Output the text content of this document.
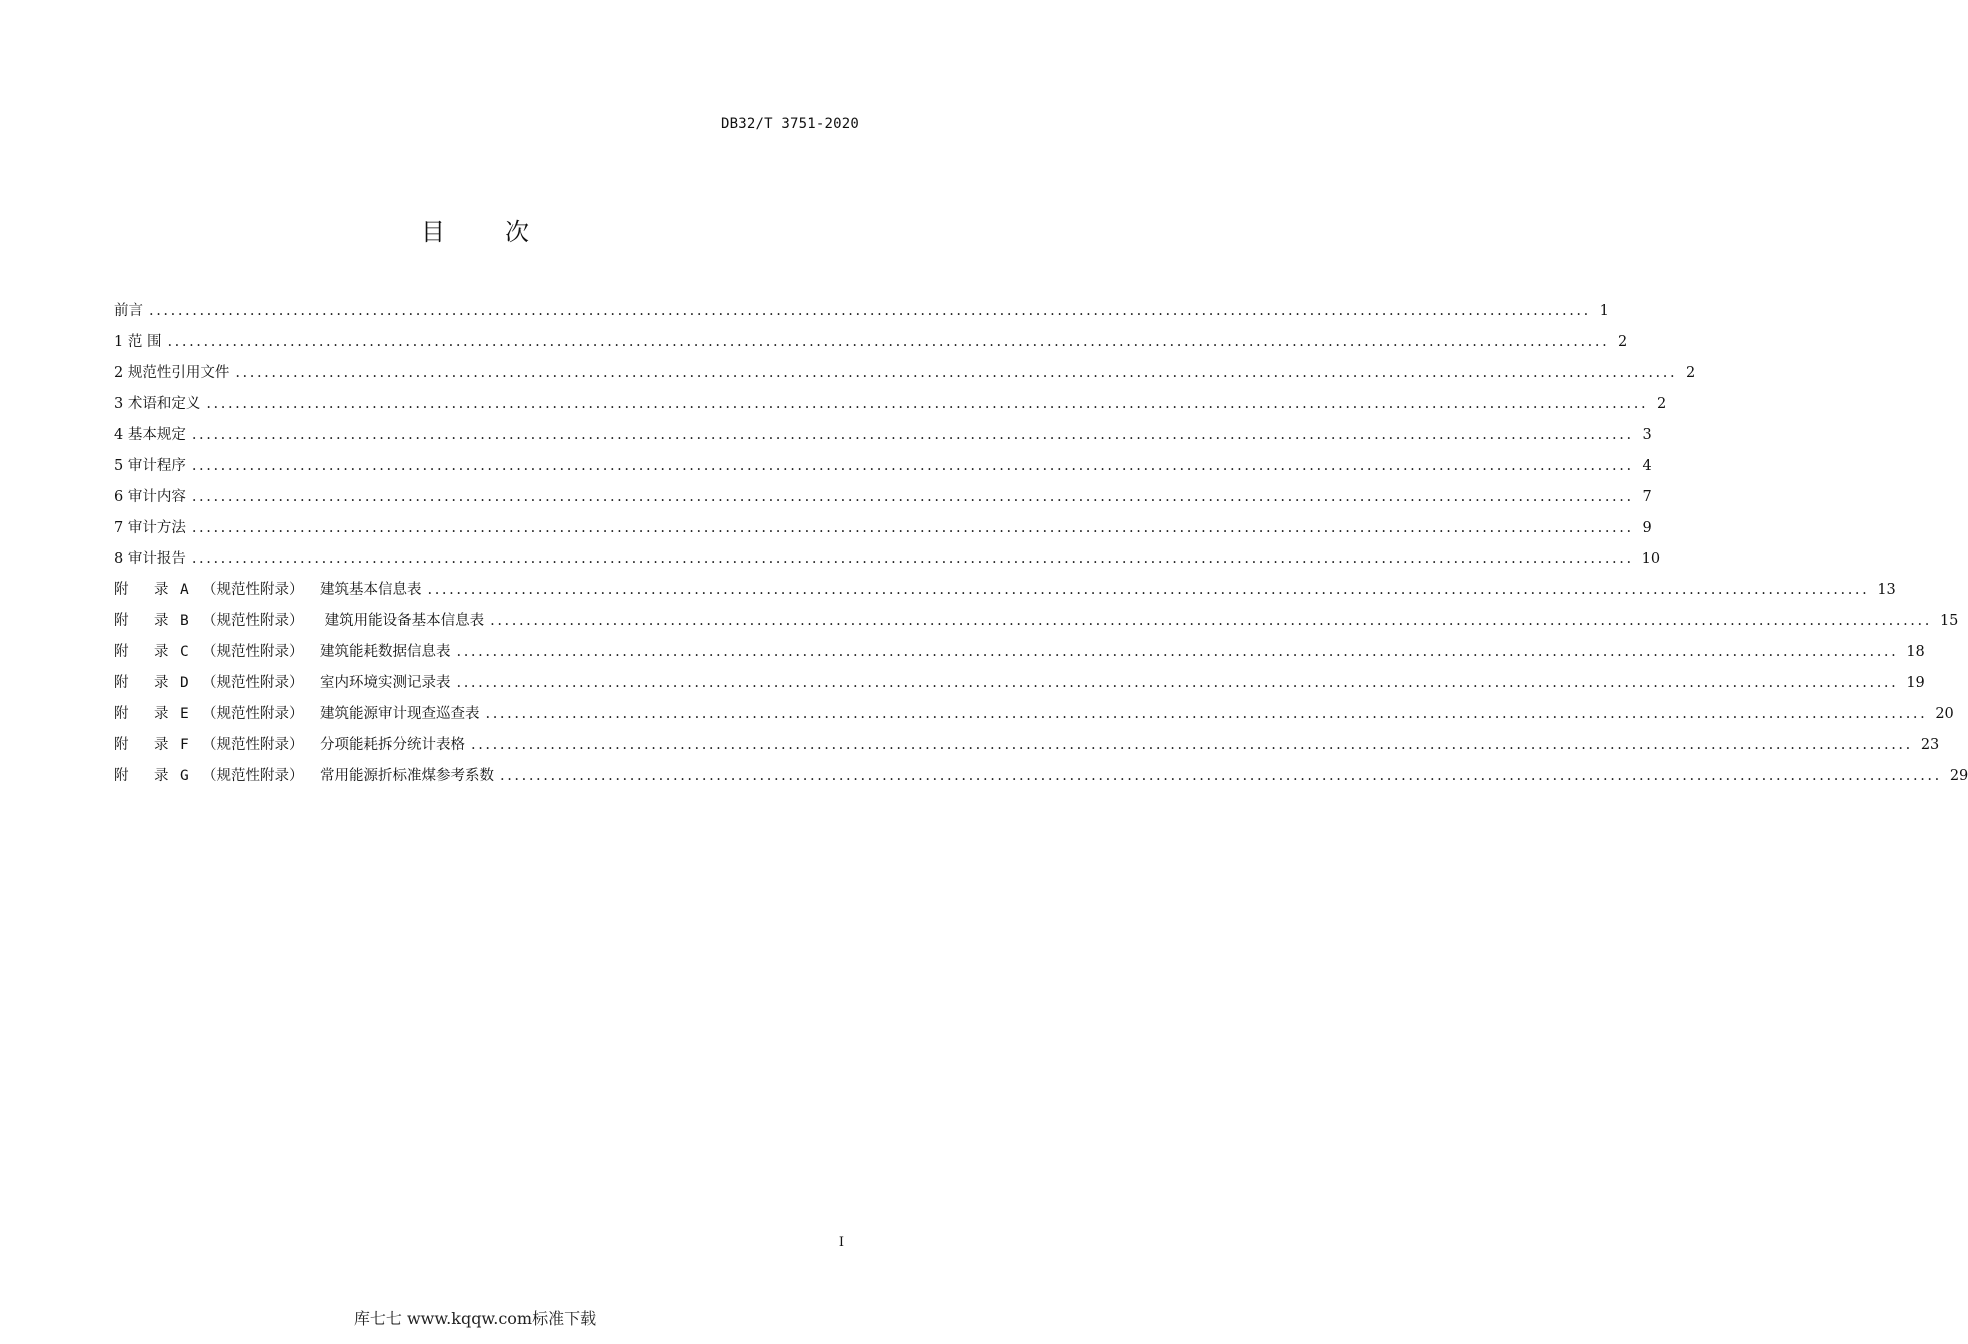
DB32/T 3751-2020
目	次
前言 ........................................................................................................................................................................................................ 1
1 范 围 ........................................................................................................................................................................................................ 2
2 规范性引用文件 ........................................................................................................................................................................................................ 2
3 术语和定义 ........................................................................................................................................................................................................ 2
4 基本规定 ........................................................................................................................................................................................................ 3
5 审计程序 ........................................................................................................................................................................................................ 4
6 审计内容 ........................................................................................................................................................................................................ 7
7 审计方法 ........................................................................................................................................................................................................ 9
8 审计报告 ........................................................................................................................................................................................................ 10
附	录 A （规范性附录）	建筑基本信息表 ........................................................................................................................................................................................................ 13
附	录 B （规范性附录）	建筑用能设备基本信息表 ........................................................................................................................................................................................................ 15
附	录 C （规范性附录）	建筑能耗数据信息表 ........................................................................................................................................................................................................ 18
附	录 D （规范性附录）	室内环境实测记录表 ........................................................................................................................................................................................................ 19
附	录 E （规范性附录）	建筑能源审计现查巡查表 ........................................................................................................................................................................................................ 20
附	录 F （规范性附录）	分项能耗拆分统计表格 ........................................................................................................................................................................................................ 23
附	录 G （规范性附录）	常用能源折标准煤参考系数 ........................................................................................................................................................................................................ 29
I
库七七 www.kqqw.com标准下载
